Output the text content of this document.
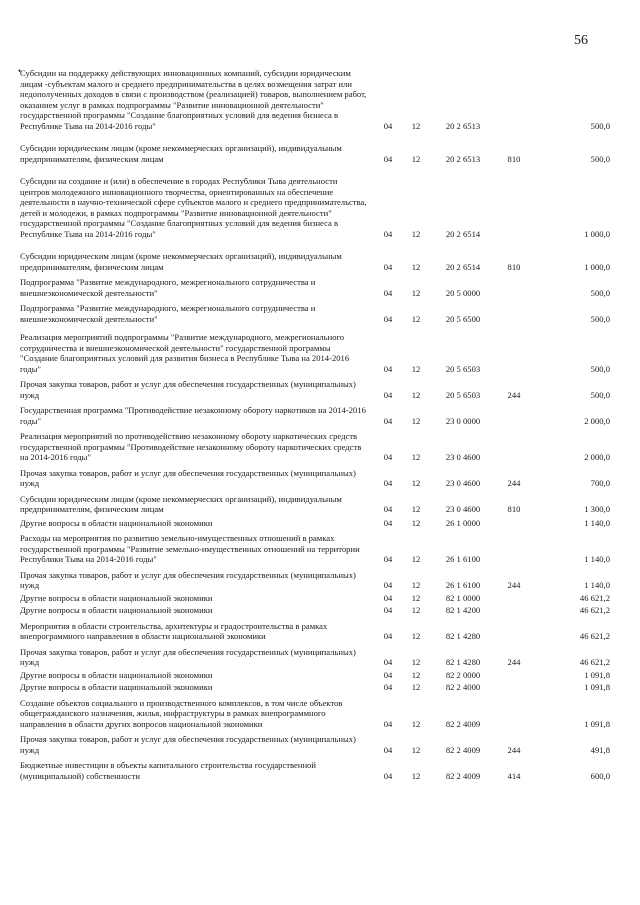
56
•
Субсидии на поддержку действующих инновационных компаний, субсидии юридическим лицам -субъектам малого и среднего предпринимательства в целях возмещения затрат или недополученных доходов в связи с производством (реализацией) товаров, выполнением работ, оказанием услуг в рамках подпрограммы "Развитие инновационной деятельности" государственной программы "Создание благоприятных условий для ведения бизнеса в Республике Тыва на 2014-2016 годы"	04	12	20 2 6513		500,0
Субсидии юридическим лицам (кроме некоммерческих организаций), индивидуальным предпринимателям, физическим лицам	04	12	20 2 6513	810	500,0
Субсидии на создание и (или) в обеспечение в городах Республики Тыва деятельности центров молодежного инновационного творчества, ориентированных на обеспечение деятельности в научно-технической сфере субъектов малого и среднего предпринимательства, детей и молодежи, в рамках подпрограммы "Развитие инновационной деятельности" государственной программы "Создание благоприятных условий для ведения бизнеса в Республике Тыва на 2014-2016 годы"	04	12	20 2 6514		1 000,0
Субсидии юридическим лицам (кроме некоммерческих организаций), индивидуальным предпринимателям, физическим лицам	04	12	20 2 6514	810	1 000,0
Подпрограмма "Развитие международного, межрегионального сотрудничества и внешнеэкономической деятельности"	04	12	20 5 0000		500,0
Подпрограмма "Развитие международного, межрегионального сотрудничества и внешнеэкономической деятельности"	04	12	20 5 6500		500,0
Реализация мероприятий подпрограммы "Развитие международного, межрегионального сотрудничества и внешнеэкономической деятельности" государственной программы "Создание благоприятных условий для развития бизнеса в Республике Тыва на 2014-2016 годы"	04	12	20 5 6503		500,0
Прочая закупка товаров, работ и услуг для обеспечения государственных (муниципальных) нужд	04	12	20 5 6503	244	500,0
Государственная программа "Противодействие незаконному обороту наркотиков на 2014-2016 годы"	04	12	23 0 0000		2 000,0
Реализация мероприятий по противодействию незаконному обороту наркотических средств государственной программы "Противодействие незаконному обороту наркотических средств на 2014-2016 годы"	04	12	23 0 4600		2 000,0
Прочая закупка товаров, работ и услуг для обеспечения государственных (муниципальных) нужд	04	12	23 0 4600	244	700,0
Субсидии юридическим лицам (кроме некоммерческих организаций), индивидуальным предпринимателям, физическим лицам	04	12	23 0 4600	810	1 300,0
Другие вопросы в области национальной экономики	04	12	26 1 0000		1 140,0
Расходы на мероприятия по развитию земельно-имущественных отношений в рамках государственной программы "Развитие земельно-имущественных отношений на территории Республики Тыва на 2014-2016 годы"	04	12	26 1 6100		1 140,0
Прочая закупка товаров, работ и услуг для обеспечения государственных (муниципальных) нужд	04	12	26 1 6100	244	1 140,0
Другие вопросы в области национальной экономики	04	12	82 1 0000		46 621,2
Другие вопросы в области национальной экономики	04	12	82 1 4200		46 621,2
Мероприятия в области строительства, архитектуры и градостроительства в рамках внепрограммного направления в области национальной экономики	04	12	82 1 4280		46 621,2
Прочая закупка товаров, работ и услуг для обеспечения государственных (муниципальных) нужд	04	12	82 1 4280	244	46 621,2
Другие вопросы в области национальной экономики	04	12	82 2 0000		1 091,8
Другие вопросы в области национальной экономики	04	12	82 2 4000		1 091,8
Создание объектов социального и производственного комплексов, в том числе объектов общегражданского назначения, жилья, инфраструктуры в рамках внепрограммного направления в области других вопросов национальной экономики	04	12	82 2 4009		1 091,8
Прочая закупка товаров, работ и услуг для обеспечения государственных (муниципальных) нужд	04	12	82 2 4009	244	491,8
Бюджетные инвестиции в объекты капитального строительства государственной (муниципальной) собственности	04	12	82 2 4009	414	600,0
